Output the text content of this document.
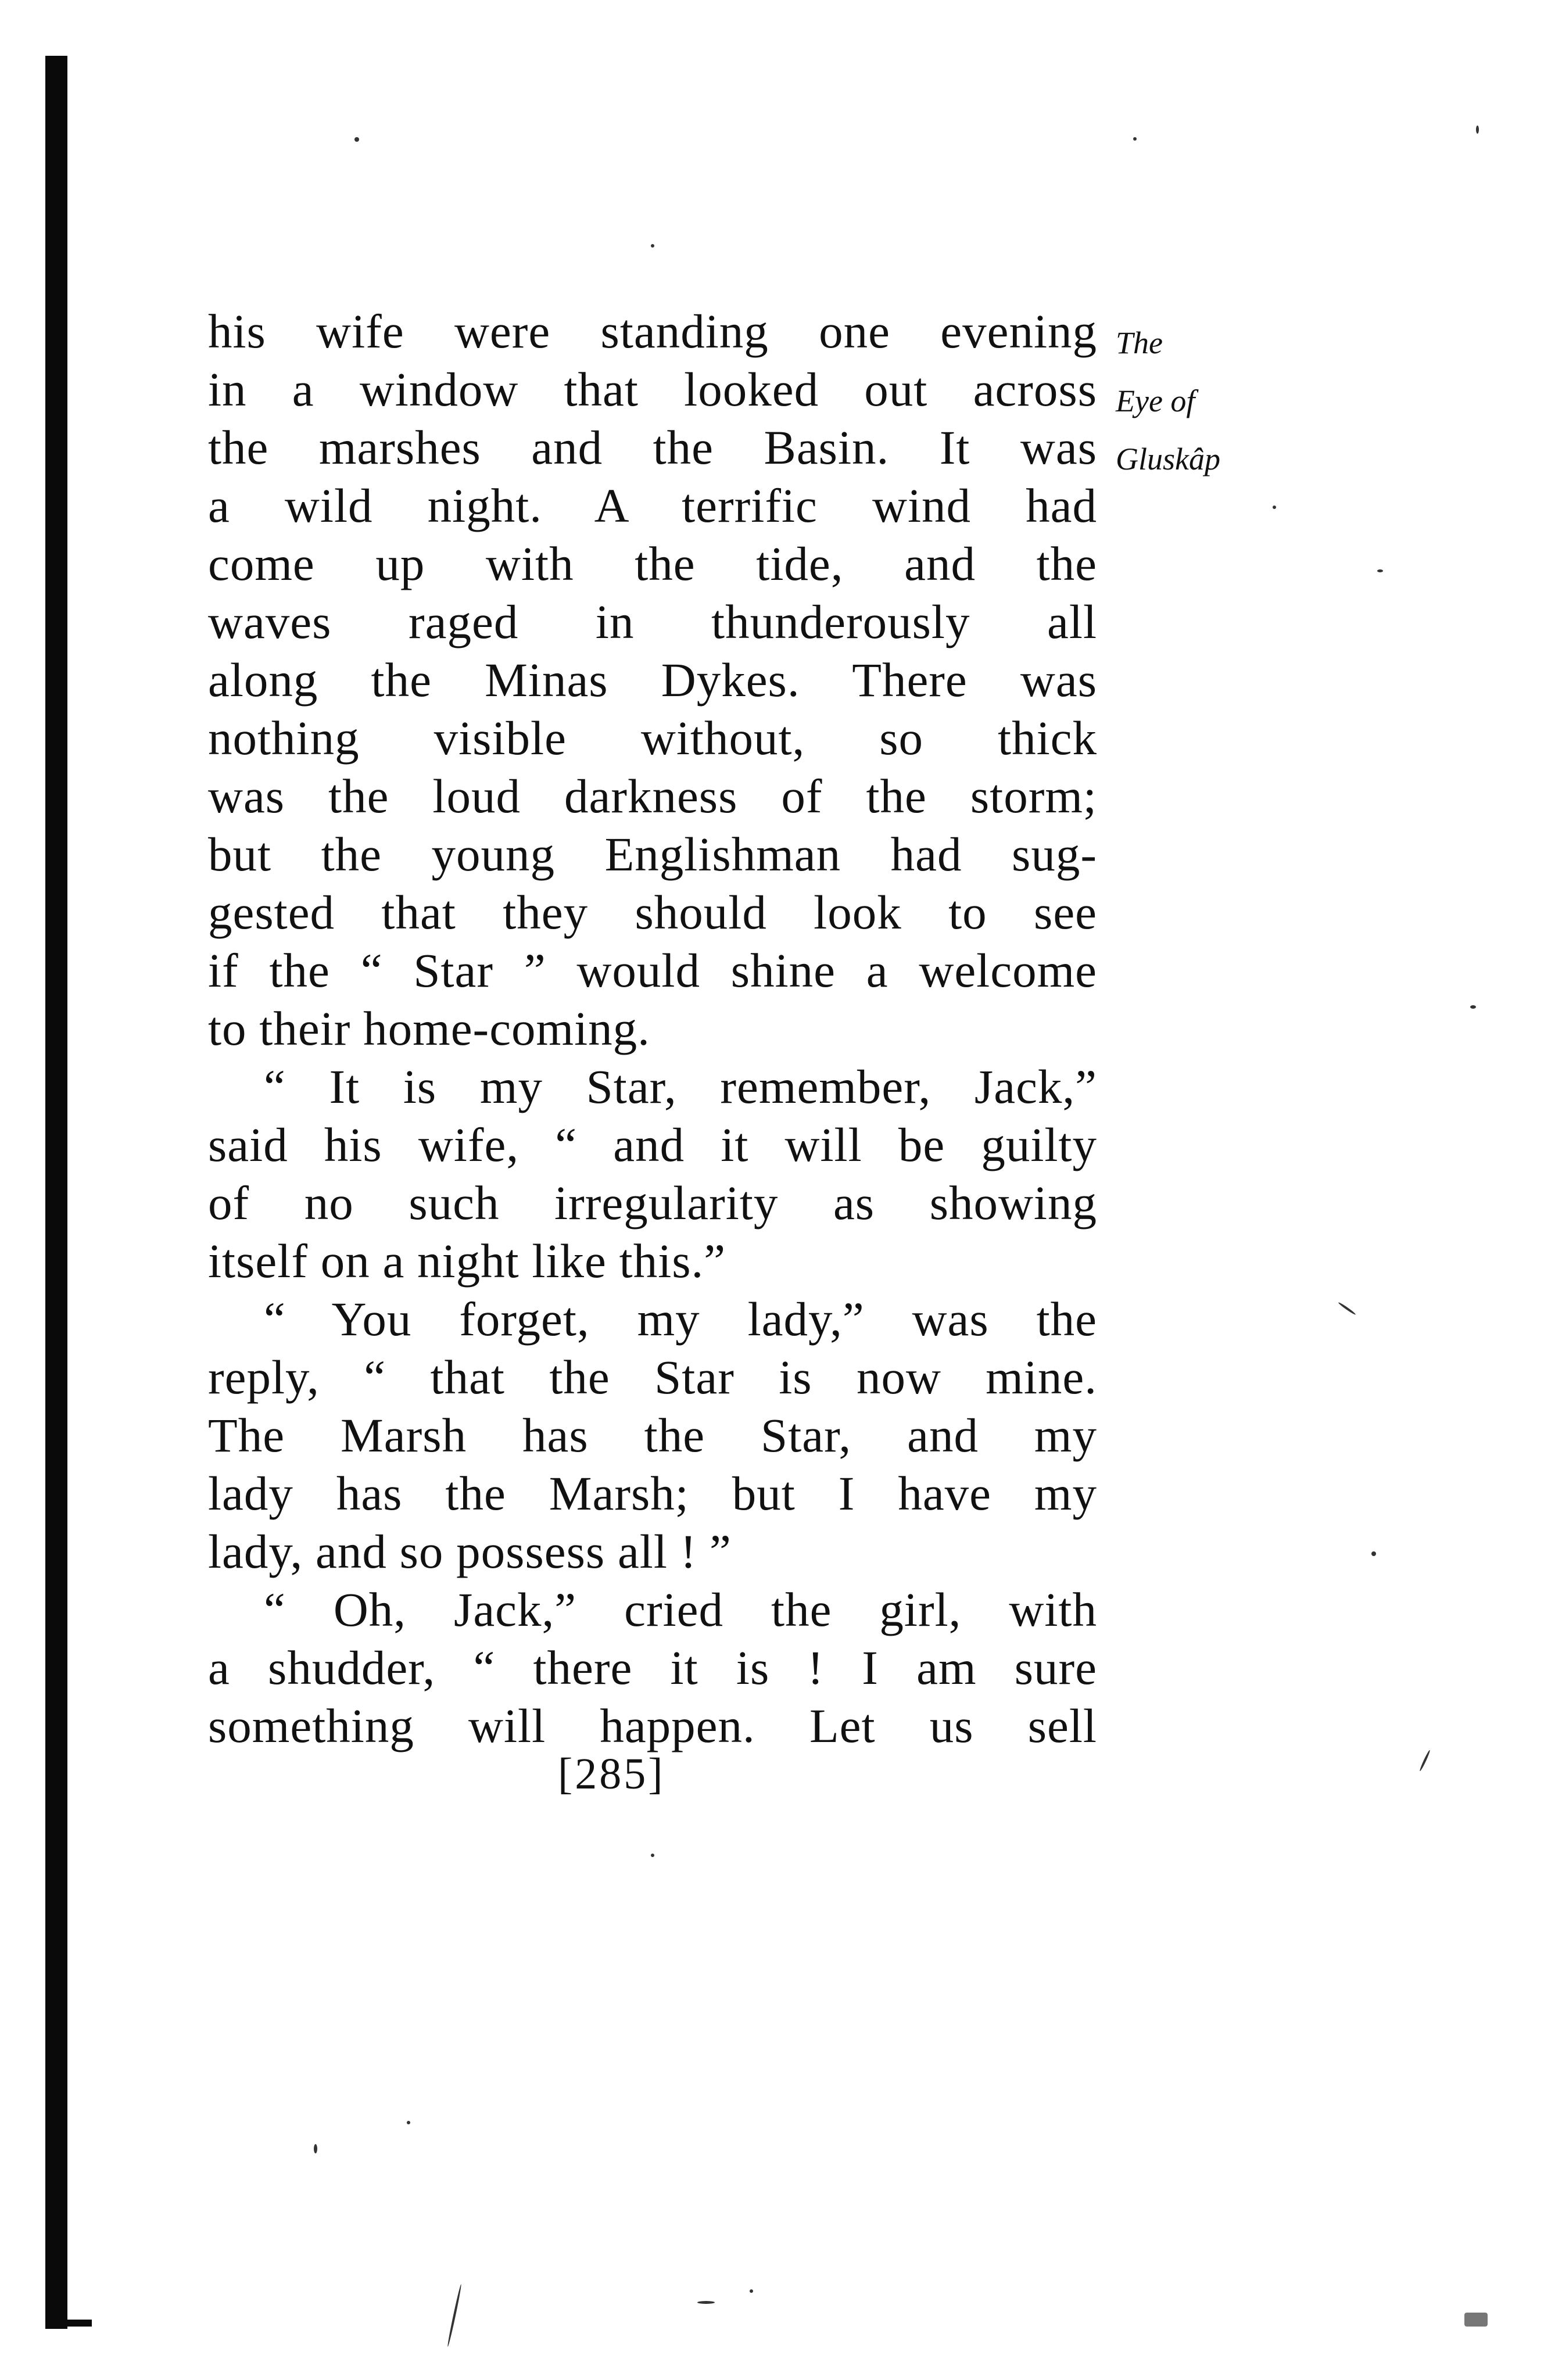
The
Eye of
Gluskâp
his wife were standing one evening
in a window that looked out across
the marshes and the Basin. It was
a wild night. A terrific wind had
come up with the tide, and the
waves raged in thunderously all
along the Minas Dykes. There was
nothing visible without, so thick
was the loud darkness of the storm;
but the young Englishman had sug-
gested that they should look to see
if the “ Star ” would shine a welcome
to their home-coming.
“ It is my Star, remember, Jack,”
said his wife, “ and it will be guilty
of no such irregularity as showing
itself on a night like this.”
“ You forget, my lady,” was the
reply, “ that the Star is now mine.
The Marsh has the Star, and my
lady has the Marsh; but I have my
lady, and so possess all ! ”
“ Oh, Jack,” cried the girl, with
a shudder, “ there it is ! I am sure
something will happen. Let us sell
[285]
